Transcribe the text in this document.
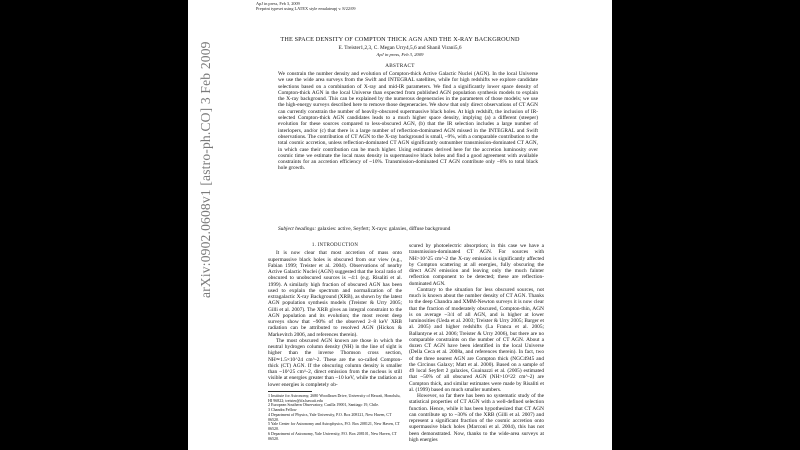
arXiv:0902.0608v1 [astro-ph.CO] 3 Feb 2009
ApJ in press, Feb 3, 2009
Preprint typeset using LATEX style emulateapj v. 8/22/09
THE SPACE DENSITY OF COMPTON THICK AGN AND THE X-RAY BACKGROUND
E. Treister1,2,3, C. Megan Urry4,5,6 and Shanil Virani5,6
ApJ in press, Feb 3, 2009
ABSTRACT
We constrain the number density and evolution of Compton-thick Active Galactic Nuclei (AGN). In the local Universe we use the wide area surveys from the Swift and INTEGRAL satellites, while for high redshifts we explore candidate selections based on a combination of X-ray and mid-IR parameters. We find a significantly lower space density of Compton-thick AGN in the local Universe than expected from published AGN population synthesis models to explain the X-ray background. This can be explained by the numerous degeneracies in the parameters of those models; we use the high-energy surveys described here to remove those degeneracies. We show that only direct observations of CT AGN can currently constrain the number of heavily-obscured supermassive black holes. At high redshift, the inclusion of IR-selected Compton-thick AGN candidates leads to a much higher space density, implying (a) a different (steeper) evolution for these sources compared to less-obscured AGN, (b) that the IR selection includes a large number of interlopers, and/or (c) that there is a large number of reflection-dominated AGN missed in the INTEGRAL and Swift observations. The contribution of CT AGN to the X-ray background is small, ~9%, with a comparable contribution to the total cosmic accretion, unless reflection-dominated CT AGN significantly outnumber transmission-dominated CT AGN, in which case their contribution can be much higher. Using estimates derived here for the accretion luminosity over cosmic time we estimate the local mass density in supermassive black holes and find a good agreement with available constraints for an accretion efficiency of ~10%. Transmission-dominated CT AGN contribute only ~8% to total black hole growth.
Subject headings: galaxies: active, Seyfert; X-rays: galaxies, diffuse background
1. INTRODUCTION

It is now clear that most accretion of mass onto supermassive black holes is obscured from our view (e.g., Fabian 1999; Treister et al. 2004). Observations of nearby Active Galactic Nuclei (AGN) suggested that the local ratio of obscured to unobscured sources is ~4:1 (e.g. Risaliti et al. 1999). A similarly high fraction of obscured AGN has been used to explain the spectrum and normalization of the extragalactic X-ray Background (XRB), as shown by the latest AGN population synthesis models (Treister & Urry 2005; Gilli et al. 2007). The XRB gives an integral constraint to the AGN population and its evolution; the most recent deep surveys show that ~90% of the observed 2–8 keV XRB radiation can be attributed to resolved AGN (Hickox & Markevitch 2006, and references therein).

The most obscured AGN known are those in which the neutral hydrogen column density (NH) in the line of sight is higher than the inverse Thomson cross section, NH≃1.5×10^24 cm^-2. These are the so-called Compton-thick (CT) AGN. If the obscuring column density is smaller than ~10^25 cm^-2, direct emission from the nucleus is still visible at energies greater than ~10 keV, while the radiation at lower energies is completely ob-

1 Institute for Astronomy, 2680 Woodlawn Drive, University of Hawaii, Honolulu, HI 96822; treister@ifa.hawaii.edu
2 European Southern Observatory, Casilla 19001, Santiago 19, Chile.
3 Chandra Fellow
4 Department of Physics, Yale University, P.O. Box 208121, New Haven, CT 06520.
5 Yale Center for Astronomy and Astrophysics, P.O. Box 208121, New Haven, CT 06520.
6 Department of Astronomy, Yale University, P.O. Box 208101, New Haven, CT 06520.

scured by photoelectric absorption; in this case we have a transmission-dominated CT AGN. For sources with NH>10^25 cm^-2 the X-ray emission is significantly affected by Compton scattering at all energies, fully obscuring the direct AGN emission and leaving only the much fainter reflection component to be detected; these are reflection-dominated AGN.

Contrary to the situation for less obscured sources, not much is known about the number density of CT AGN. Thanks to the deep Chandra and XMM-Newton surveys it is now clear that the fraction of moderately obscured, Compton-thin, AGN is on average ~3/4 of all AGN, and is higher at lower luminosities (Ueda et al. 2003; Treister & Urry 2005; Barger et al. 2005) and higher redshifts (La Franca et al. 2005; Ballantyne et al. 2006; Treister & Urry 2006), but there are no comparable constraints on the number of CT AGN. About a dozen CT AGN have been identified in the local Universe (Della Ceca et al. 2008a, and references therein). In fact, two of the three nearest AGN are Compton thick (NGC4945 and the Circinus Galaxy; Matt et al. 2000). Based on a sample of 49 local Seyfert 2 galaxies, Guainazzi et al. (2005) estimated that ~50% of all obscured AGN (NH>10^22 cm^-2) are Compton thick, and similar estimates were made by Risaliti et al. (1999) based on much smaller numbers.

However, so far there has been no systematic study of the statistical properties of CT AGN with a well-defined selection function. Hence, while it has been hypothesized that CT AGN can contribute up to ~30% of the XRB (Gilli et al. 2007) and represent a significant fraction of the cosmic accretion onto supermassive black holes (Marconi et al. 2004), this has not been demonstrated. Now, thanks to the wide-area surveys at high energies
